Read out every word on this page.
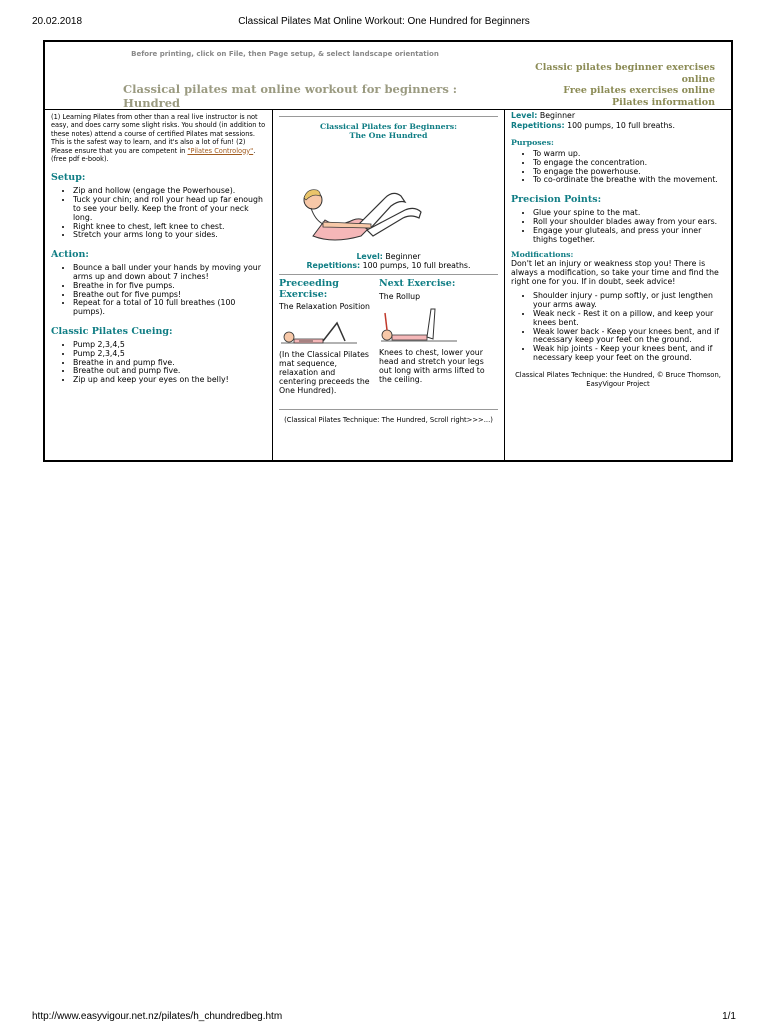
20.02.2018	Classical Pilates Mat Online Workout: One Hundred for Beginners
Before printing, click on File, then Page setup, & select landscape orientation
Classical pilates mat online workout for beginners : Hundred
Classic pilates beginner exercises online
Free pilates exercises online
Pilates information
(1) Learning Pilates from other than a real live instructor is not easy, and does carry some slight risks. You should (in addition to these notes) attend a course of certified Pilates mat sessions. This is the safest way to learn, and it's also a lot of fun! (2) Please ensure that you are competent in "Pilates Contrology". (free pdf e-book).
Setup:
• Zip and hollow (engage the Powerhouse).
• Tuck your chin; and roll your head up far enough to see your belly. Keep the front of your neck long.
• Right knee to chest, left knee to chest.
• Stretch your arms long to your sides.
Action:
• Bounce a ball under your hands by moving your arms up and down about 7 inches!
• Breathe in for five pumps.
• Breathe out for five pumps!
• Repeat for a total of 10 full breathes (100 pumps).
Classic Pilates Cueing:
• Pump 2,3,4,5
• Pump 2,3,4,5
• Breathe in and pump five.
• Breathe out and pump five.
• Zip up and keep your eyes on the belly!
Classical Pilates for Beginners:
The One Hundred
Level: Beginner
Repetitions: 100 pumps, 10 full breaths.
Preceeding Exercise:
The Relaxation Position
(In the Classical Pilates mat sequence, relaxation and centering preceeds the One Hundred).
Next Exercise:
The Rollup
Knees to chest, lower your head and stretch your legs out long with arms lifted to the ceiling.
(Classical Pilates Technique: The Hundred, Scroll right>>>...)
Level: Beginner
Repetitions: 100 pumps, 10 full breaths.
Purposes:
• To warm up.
• To engage the concentration.
• To engage the powerhouse.
• To co-ordinate the breathe with the movement.
Precision Points:
• Glue your spine to the mat.
• Roll your shoulder blades away from your ears.
• Engage your gluteals, and press your inner thighs together.
Modifications:
Don't let an injury or weakness stop you! There is always a modification, so take your time and find the right one for you. If in doubt, seek advice!
• Shoulder injury - pump softly, or just lengthen your arms away.
• Weak neck - Rest it on a pillow, and keep your knees bent.
• Weak lower back - Keep your knees bent, and if necessary keep your feet on the ground.
• Weak hip joints - Keep your knees bent, and if necessary keep your feet on the ground.
Classical Pilates Technique: the Hundred, © Bruce Thomson,
EasyVigour Project
http://www.easyvigour.net.nz/pilates/h_chundredbeg.htm	1/1
